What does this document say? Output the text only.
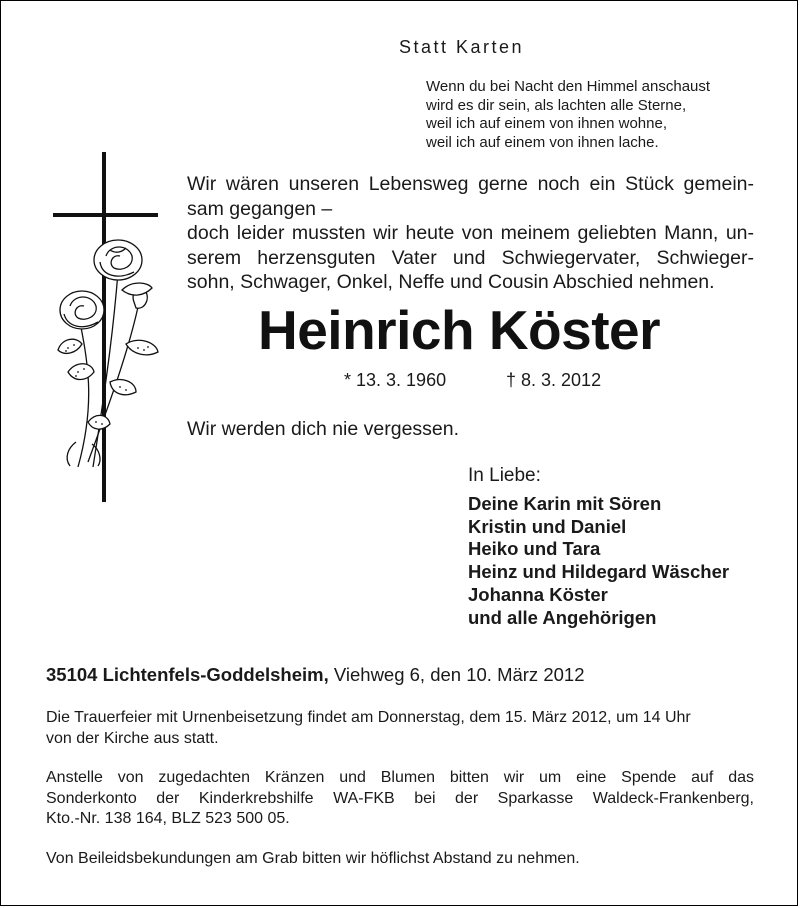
Statt Karten
Wenn du bei Nacht den Himmel anschaust
wird es dir sein, als lachten alle Sterne,
weil ich auf einem von ihnen wohne,
weil ich auf einem von ihnen lache.
Wir wären unseren Lebensweg gerne noch ein Stück gemein-
sam gegangen –
doch leider mussten wir heute von meinem geliebten Mann, un-
serem herzensguten Vater und Schwiegervater, Schwieger-
sohn, Schwager, Onkel, Neffe und Cousin Abschied nehmen.
Heinrich Köster
* 13. 3. 1960	† 8. 3. 2012
Wir werden dich nie vergessen.
In Liebe:
Deine Karin mit Sören
Kristin und Daniel
Heiko und Tara
Heinz und Hildegard Wäscher
Johanna Köster
und alle Angehörigen
35104 Lichtenfels-Goddelsheim, Viehweg 6, den 10. März 2012
Die Trauerfeier mit Urnenbeisetzung findet am Donnerstag, dem 15. März 2012, um 14 Uhr
von der Kirche aus statt.
Anstelle von zugedachten Kränzen und Blumen bitten wir um eine Spende auf das
Sonderkonto der Kinderkrebshilfe WA-FKB bei der Sparkasse Waldeck-Frankenberg,
Kto.-Nr. 138 164, BLZ 523 500 05.
Von Beileidsbekundungen am Grab bitten wir höflichst Abstand zu nehmen.
